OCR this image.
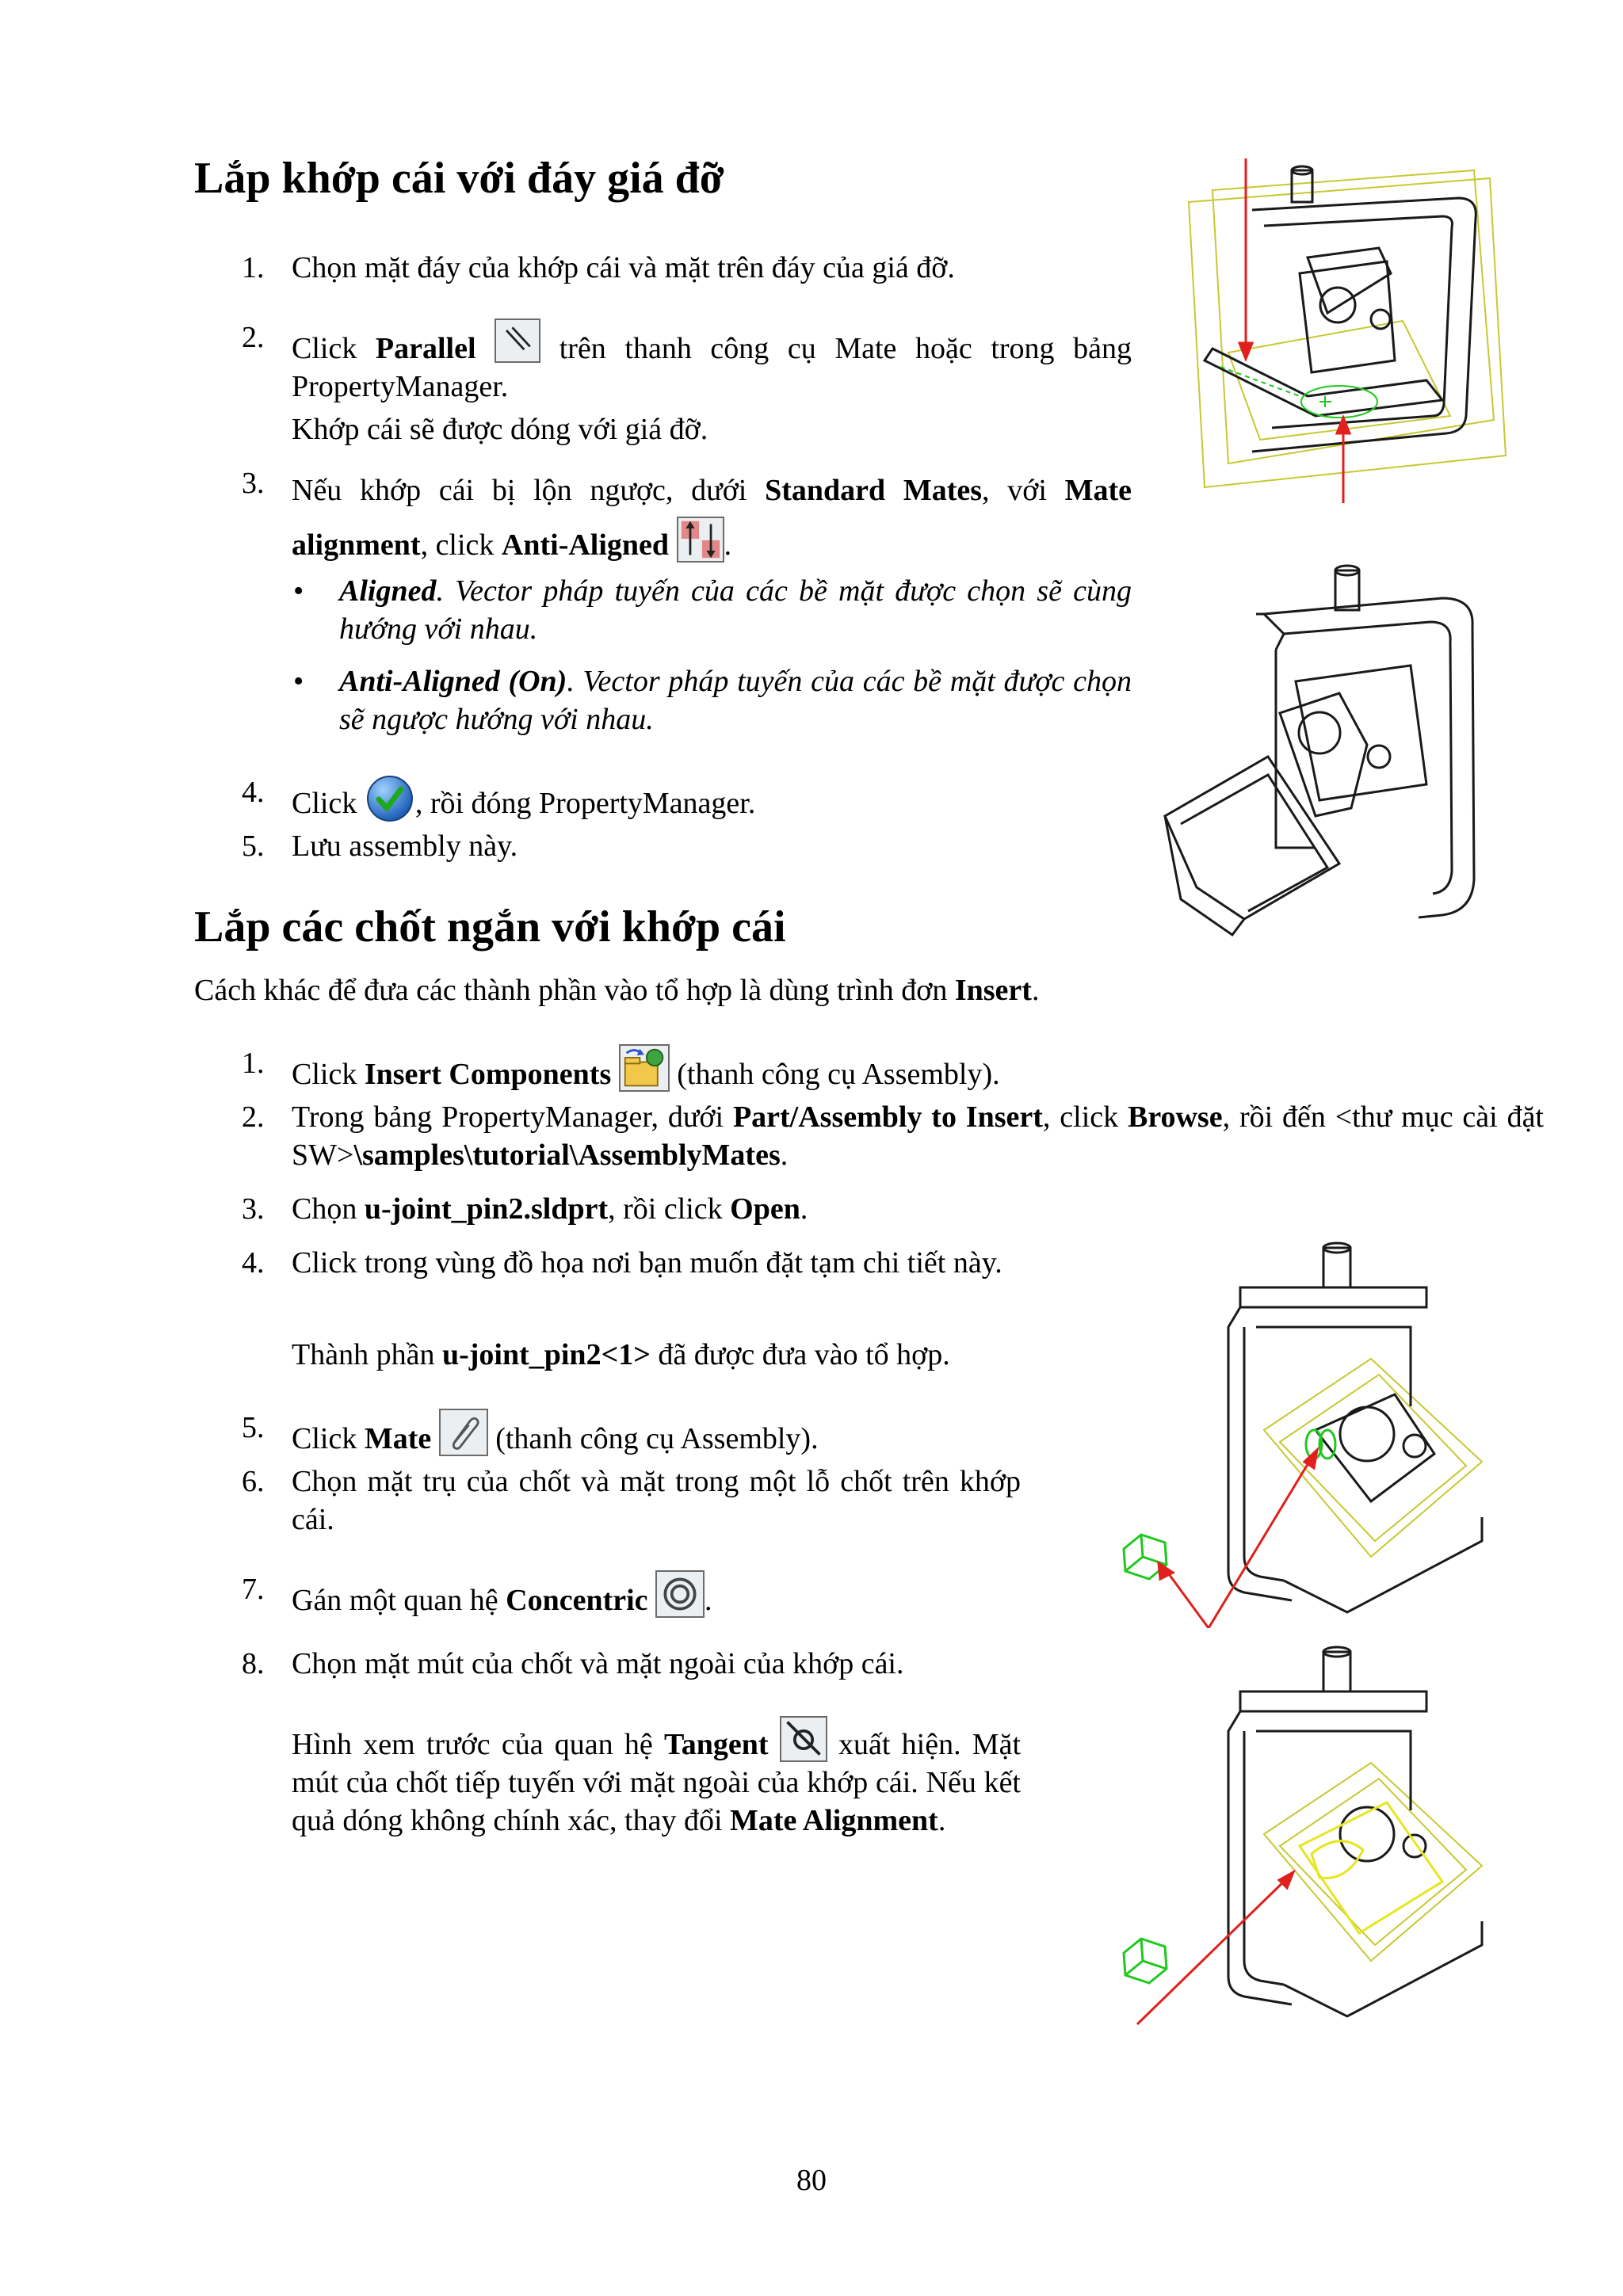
Lắp khớp cái với đáy giá đỡ
1. Chọn mặt đáy của khớp cái và mặt trên đáy của giá đỡ.
2. Click Parallel
trên thanh công cụ Mate hoặc trong bảng PropertyManager.
Khớp cái sẽ được dóng với giá đỡ.
3. Nếu khớp cái bị lộn ngược, dưới Standard Mates, với Mate alignment, click Anti-Aligned .
• Aligned. Vector pháp tuyến của các bề mặt được chọn sẽ cùng hướng với nhau.
• Anti-Aligned (On). Vector pháp tuyến của các bề mặt được chọn sẽ ngược hướng với nhau.
4. Click , rồi đóng PropertyManager.
5. Lưu assembly này.
Lắp các chốt ngắn với khớp cái
Cách khác để đưa các thành phần vào tổ hợp là dùng trình đơn Insert.
1. Click Insert Components
(thanh công cụ Assembly).
2. Trong bảng PropertyManager, dưới Part/Assembly to Insert, click Browse, rồi đến <thư mục cài đặt SW>\samples\tutorial\AssemblyMates.
3. Chọn u-joint_pin2.sldprt, rồi click Open.
4. Click trong vùng đồ họa nơi bạn muốn đặt tạm chi tiết này.
Thành phần u-joint_pin2<1> đã được đưa vào tổ hợp.
5. Click Mate
(thanh công cụ Assembly).
6. Chọn mặt trụ của chốt và mặt trong một lỗ chốt trên khớp cái.
7. Gán một quan hệ Concentric .
8. Chọn mặt mút của chốt và mặt ngoài của khớp cái.
Hình xem trước của quan hệ Tangent
xuất hiện. Mặt mút của chốt tiếp tuyến với mặt ngoài của khớp cái. Nếu kết quả dóng không chính xác, thay đổi Mate Alignment.
80
